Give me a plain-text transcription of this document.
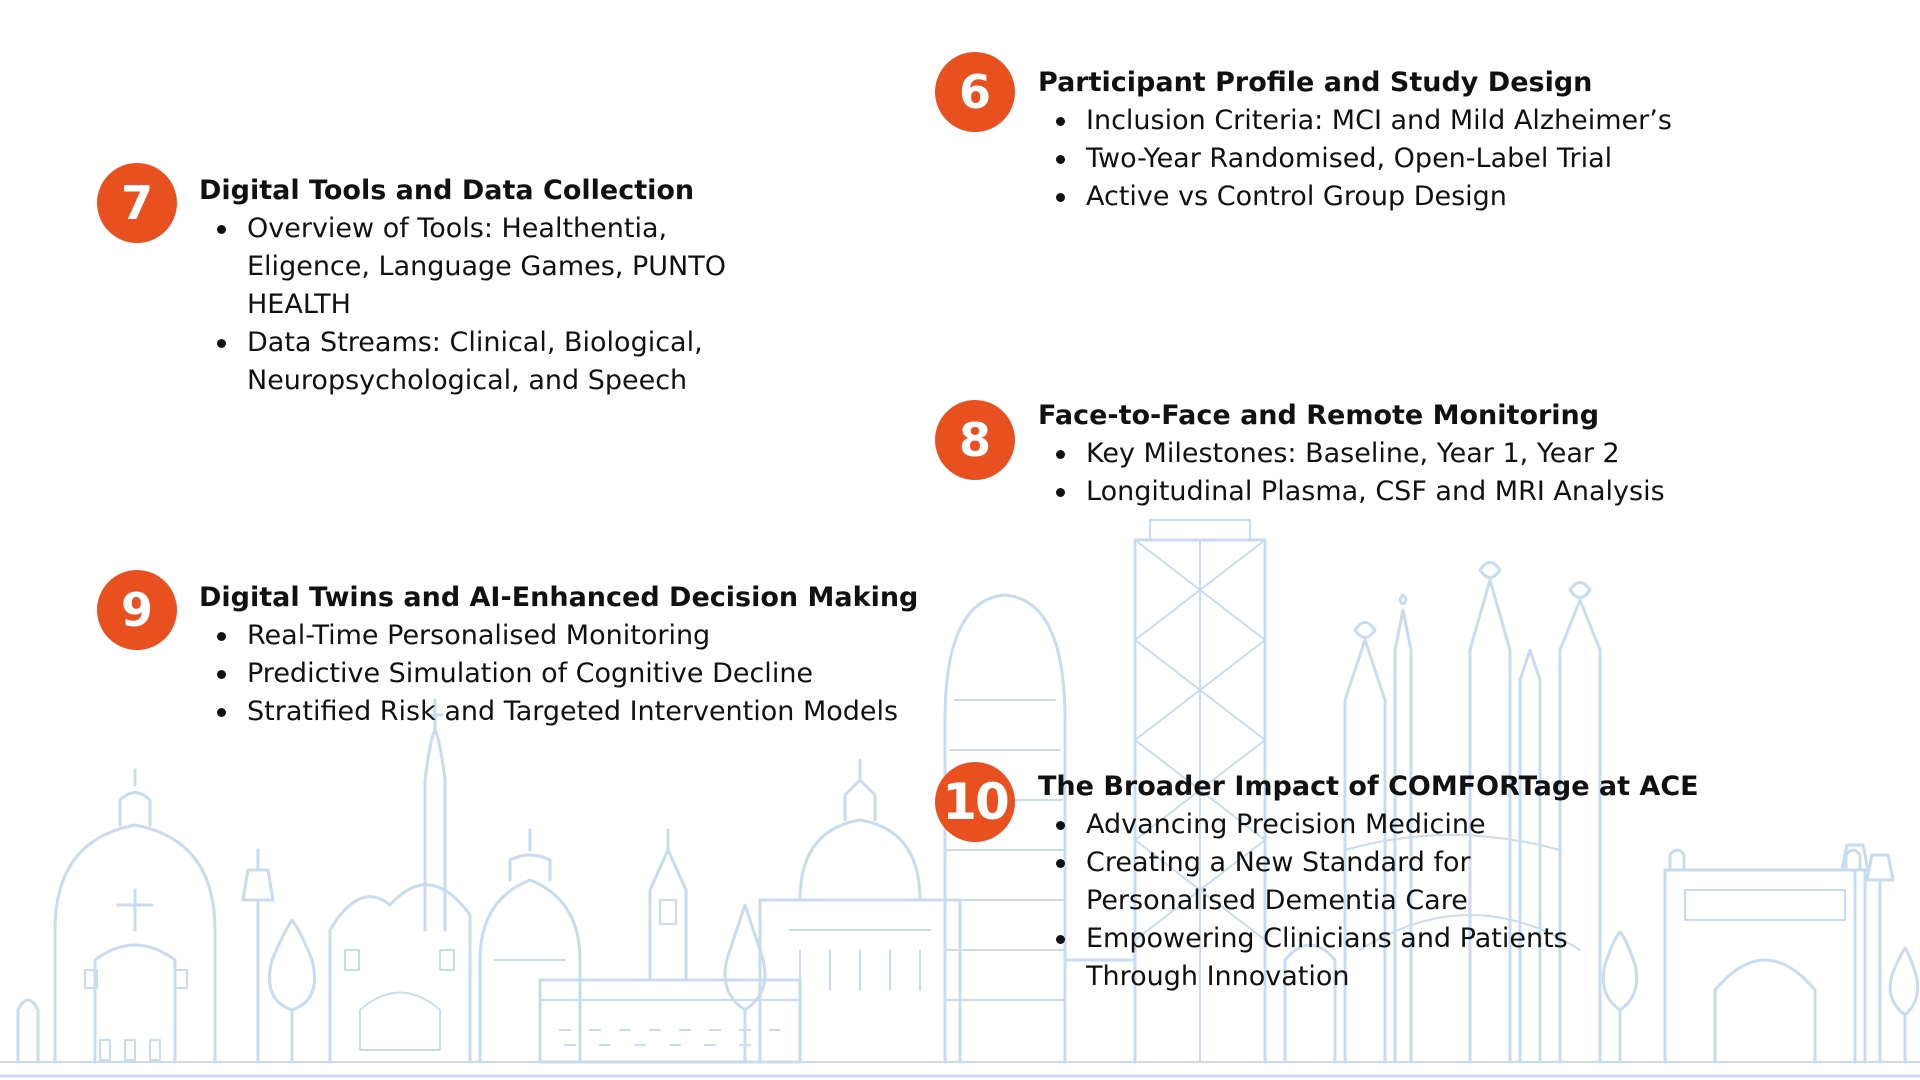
6 Participant Profile and Study Design
Inclusion Criteria: MCI and Mild Alzheimer’s
Two-Year Randomised, Open-Label Trial
Active vs Control Group Design
7 Digital Tools and Data Collection
Overview of Tools: Healthentia, Eligence, Language Games, PUNTO HEALTH
Data Streams: Clinical, Biological, Neuropsychological, and Speech
8 Face-to-Face and Remote Monitoring
Key Milestones: Baseline, Year 1, Year 2
Longitudinal Plasma, CSF and MRI Analysis
9 Digital Twins and AI-Enhanced Decision Making
Real-Time Personalised Monitoring
Predictive Simulation of Cognitive Decline
Stratified Risk and Targeted Intervention Models
10 The Broader Impact of COMFORTage at ACE
Advancing Precision Medicine
Creating a New Standard for Personalised Dementia Care
Empowering Clinicians and Patients Through Innovation
